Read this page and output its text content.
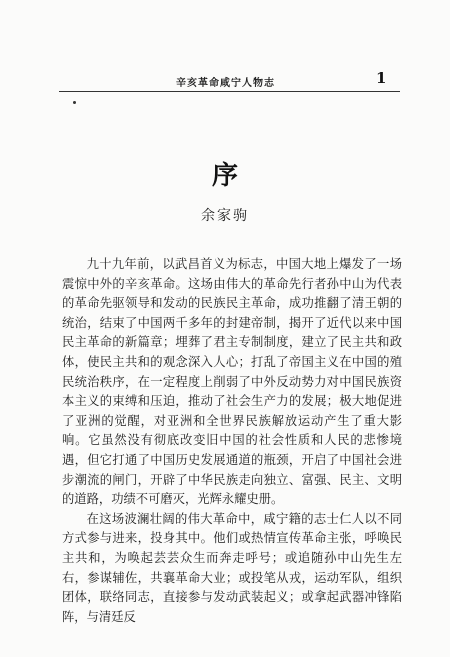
辛亥革命咸宁人物志	1
序
余家驹

九十九年前，以武昌首义为标志，中国大地上爆发了一场震惊中外的辛亥革命。这场由伟大的革命先行者孙中山为代表的革命先驱领导和发动的民族民主革命，成功推翻了清王朝的统治，结束了中国两千多年的封建帝制，揭开了近代以来中国民主革命的新篇章；埋葬了君主专制制度，建立了民主共和政体，使民主共和的观念深入人心；打乱了帝国主义在中国的殖民统治秩序，在一定程度上削弱了中外反动势力对中国民族资本主义的束缚和压迫，推动了社会生产力的发展；极大地促进了亚洲的觉醒，对亚洲和全世界民族解放运动产生了重大影响。它虽然没有彻底改变旧中国的社会性质和人民的悲惨境遇，但它打通了中国历史发展通道的瓶颈，开启了中国社会进步潮流的闸门，开辟了中华民族走向独立、富强、民主、文明的道路，功绩不可磨灭，光辉永耀史册。

在这场波澜壮阔的伟大革命中，咸宁籍的志士仁人以不同方式参与进来，投身其中。他们或热情宣传革命主张，呼唤民主共和，为唤起芸芸众生而奔走呼号；或追随孙中山先生左右，参谋辅佐，共襄革命大业；或投笔从戎，运动军队，组织团体，联络同志，直接参与发动武装起义；或拿起武器冲锋陷阵，与清廷反
